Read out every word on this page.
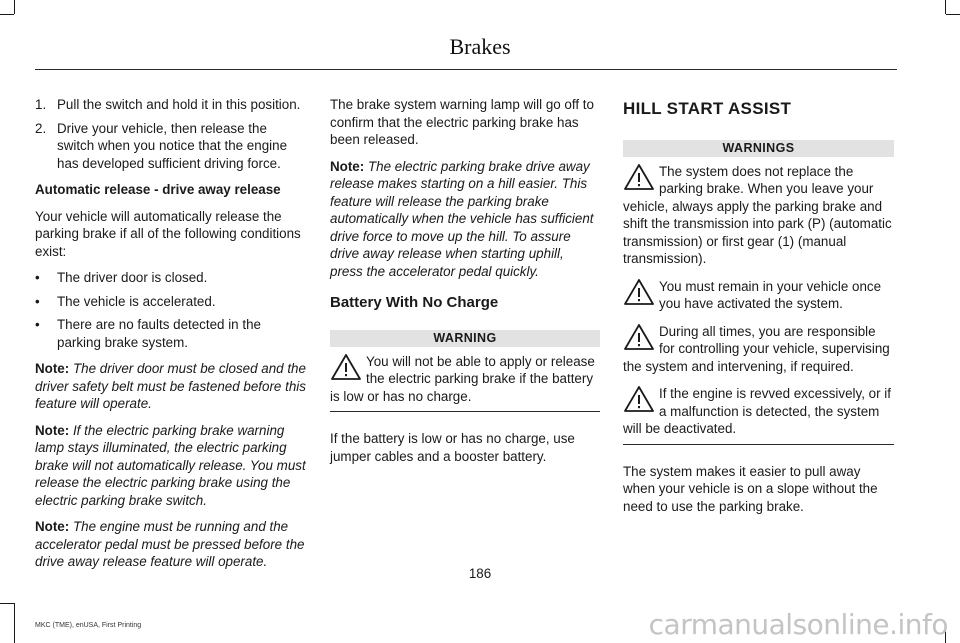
Brakes
1. Pull the switch and hold it in this position.
2. Drive your vehicle, then release the switch when you notice that the engine has developed sufficient driving force.

Automatic release - drive away release

Your vehicle will automatically release the parking brake if all of the following conditions exist:

• The driver door is closed.
• The vehicle is accelerated.
• There are no faults detected in the parking brake system.

Note: The driver door must be closed and the driver safety belt must be fastened before this feature will operate.

Note: If the electric parking brake warning lamp stays illuminated, the electric parking brake will not automatically release. You must release the electric parking brake using the electric parking brake switch.

Note: The engine must be running and the accelerator pedal must be pressed before the drive away release feature will operate.

The brake system warning lamp will go off to confirm that the electric parking brake has been released.

Note: The electric parking brake drive away release makes starting on a hill easier. This feature will release the parking brake automatically when the vehicle has sufficient drive force to move up the hill. To assure drive away release when starting uphill, press the accelerator pedal quickly.

Battery With No Charge
WARNING
You will not be able to apply or release the electric parking brake if the battery is low or has no charge.

If the battery is low or has no charge, use jumper cables and a booster battery.

HILL START ASSIST
WARNINGS
The system does not replace the parking brake. When you leave your vehicle, always apply the parking brake and shift the transmission into park (P) (automatic transmission) or first gear (1) (manual transmission).
You must remain in your vehicle once you have activated the system.
During all times, you are responsible for controlling your vehicle, supervising the system and intervening, if required.
If the engine is revved excessively, or if a malfunction is detected, the system will be deactivated.

The system makes it easier to pull away when your vehicle is on a slope without the need to use the parking brake.

186
MKC (TME), enUSA, First Printing	carmanualsonline.info
